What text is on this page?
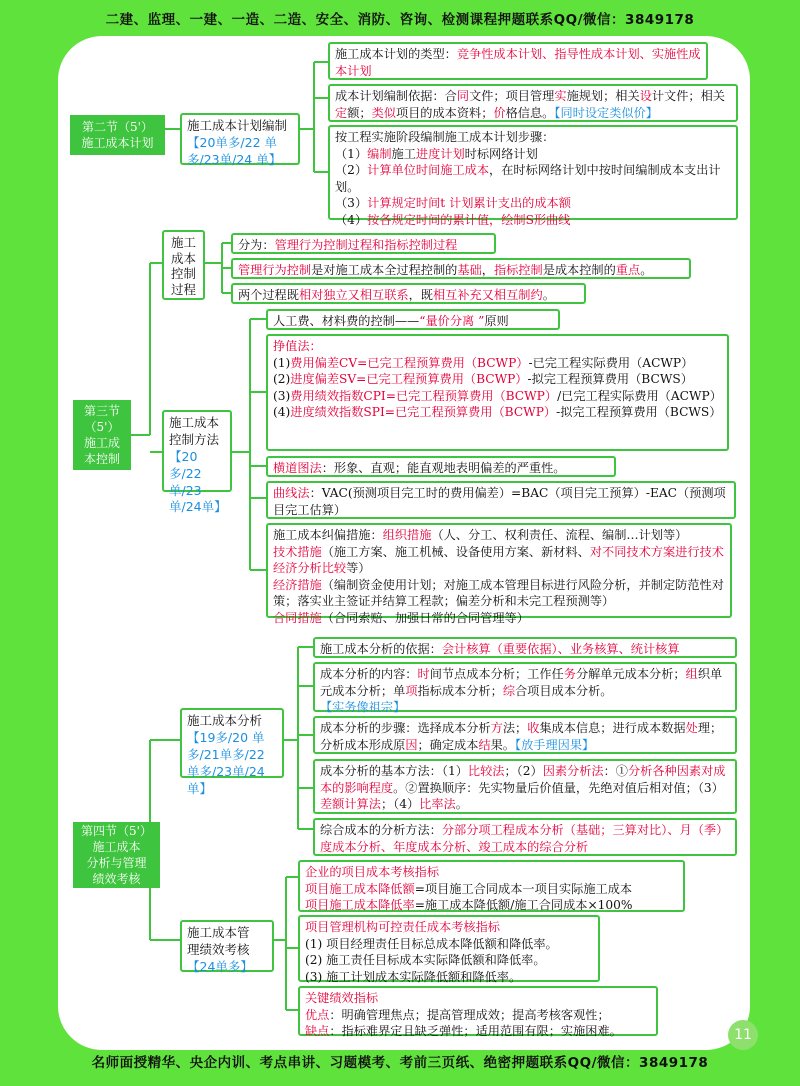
二建、监理、一建、一造、二造、安全、消防、咨询、检测课程押题联系QQ/微信：3849178
第二节（5'）
施工成本计划
施工成本计划编制
【20单多/22 单多/23单/24 单】
施工成本计划的类型：竞争性成本计划、指导性成本计划、实施性成本计划
成本计划编制依据：合同文件；项目管理实施规划；相关设计文件；相关定额；类似项目的成本资料；价格信息。【同时设定类似价】
按工程实施阶段编制施工成本计划步骤：
（1）编制施工进度计划时标网络计划
（2）计算单位时间施工成本，在时标网络计划中按时间编制成本支出计划。
（3）计算规定时间t 计划累计支出的成本额
（4）按各规定时间的累计值，绘制S形曲线
第三节
（5'）
施工成
本控制
施工
成本
控制
过程
分为：管理行为控制过程和指标控制过程
管理行为控制是对施工成本全过程控制的基础，指标控制是成本控制的重点。
两个过程既相对独立又相互联系，既相互补充又相互制约。
施工成本
控制方法
【20多/22 单/23 单/24单】
人工费、材料费的控制——“量价分离 ”原则
挣值法：
(1)费用偏差CV=已完工程预算费用（BCWP）-已完工程实际费用（ACWP）
(2)进度偏差SV=已完工程预算费用（BCWP）-拟完工程预算费用（BCWS）
(3)费用绩效指数CPI=已完工程预算费用（BCWP）/已完工程实际费用（ACWP）
(4)进度绩效指数SPI=已完工程预算费用（BCWP）-拟完工程预算费用（BCWS）
横道图法：形象、直观；能直观地表明偏差的严重性。
曲线法：VAC(预测项目完工时的费用偏差）=BAC（项目完工预算）-EAC（预测项目完工估算）
施工成本纠偏措施：组织措施（人、分工、权利责任、流程、编制…计划等）
技术措施（施工方案、施工机械、设备使用方案、新材料、对不同技术方案进行技术经济分析比较等）
经济措施（编制资金使用计划；对施工成本管理目标进行风险分析，并制定防范性对策；落实业主签证并结算工程款；偏差分析和未完工程预测等）
合同措施（合同索赔、加强日常的合同管理等）
第四节（5'）
施工成本
分析与管理
绩效考核
施工成本分析
【19多/20 单多/21单多/22 单多/23单/24 单】
施工成本分析的依据：会计核算（重要依据）、业务核算、统计核算
成本分析的内容：时间节点成本分析；工作任务分解单元成本分析；组织单元成本分析；单项指标成本分析；综合项目成本分析。
【实务像祖宗】
成本分析的步骤：选择成本分析方法；收集成本信息；进行成本数据处理；分析成本形成原因；确定成本结果。【放手理因果】
成本分析的基本方法：（1）比较法；（2）因素分析法：①分析各种因素对成本的影响程度。②置换顺序：先实物量后价值量，先绝对值后相对值；（3）差额计算法；（4）比率法。
综合成本的分析方法：分部分项工程成本分析（基础；三算对比）、月（季）度成本分析、年度成本分析、竣工成本的综合分析
施工成本管
理绩效考核
【24单多】
企业的项目成本考核指标
项目施工成本降低额=项目施工合同成本一项目实际施工成本
项目施工成本降低率=施工成本降低额/施工合同成本×100%
项目管理机构可控责任成本考核指标
(1) 项目经理责任目标总成本降低额和降低率。
(2) 施工责任目标成本实际降低额和降低率。
(3) 施工计划成本实际降低额和降低率。
关键绩效指标
优点：明确管理焦点；提高管理成效；提高考核客观性；
缺点：指标难界定且缺乏弹性；适用范围有限；实施困难。	11
名师面授精华、央企内训、考点串讲、习题模考、考前三页纸、绝密押题联系QQ/微信：3849178
